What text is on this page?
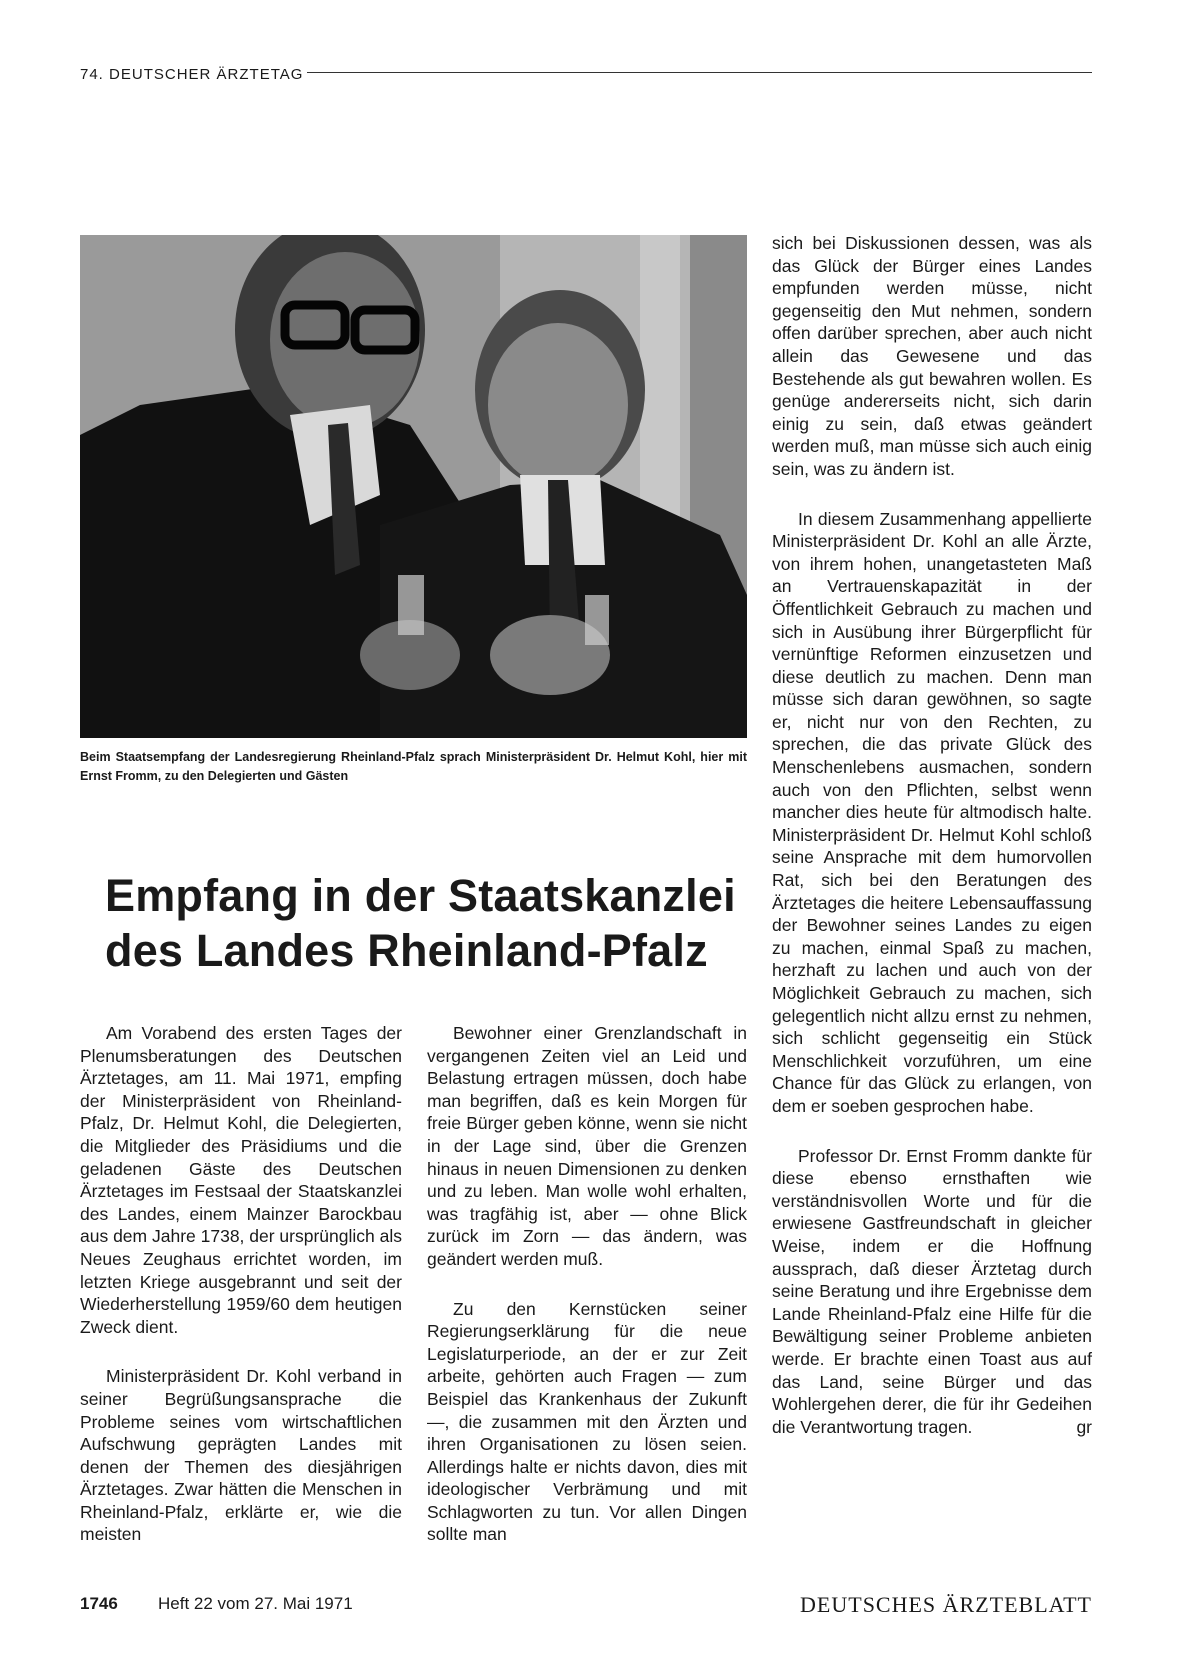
74. DEUTSCHER ÄRZTETAG
Beim Staatsempfang der Landesregierung Rheinland-Pfalz sprach Ministerpräsident Dr. Helmut Kohl, hier mit Ernst Fromm, zu den Delegierten und Gästen
Empfang in der Staatskanzlei
des Landes Rheinland-Pfalz

Am Vorabend des ersten Tages der Plenumsberatungen des Deutschen Ärztetages, am 11. Mai 1971, empfing der Ministerpräsident von Rheinland-Pfalz, Dr. Helmut Kohl, die Delegierten, die Mitglieder des Präsidiums und die geladenen Gäste des Deutschen Ärztetages im Festsaal der Staatskanzlei des Landes, einem Mainzer Barockbau aus dem Jahre 1738, der ursprünglich als Neues Zeughaus errichtet worden, im letzten Kriege ausgebrannt und seit der Wiederherstellung 1959/60 dem heutigen Zweck dient.

Ministerpräsident Dr. Kohl verband in seiner Begrüßungsansprache die Probleme seines vom wirtschaftlichen Aufschwung geprägten Landes mit denen der Themen des diesjährigen Ärztetages. Zwar hätten die Menschen in Rheinland-Pfalz, erklärte er, wie die meisten

Bewohner einer Grenzlandschaft in vergangenen Zeiten viel an Leid und Belastung ertragen müssen, doch habe man begriffen, daß es kein Morgen für freie Bürger geben könne, wenn sie nicht in der Lage sind, über die Grenzen hinaus in neuen Dimensionen zu denken und zu leben. Man wolle wohl erhalten, was tragfähig ist, aber — ohne Blick zurück im Zorn — das ändern, was geändert werden muß.

Zu den Kernstücken seiner Regierungserklärung für die neue Legislaturperiode, an der er zur Zeit arbeite, gehörten auch Fragen — zum Beispiel das Krankenhaus der Zukunft —, die zusammen mit den Ärzten und ihren Organisationen zu lösen seien. Allerdings halte er nichts davon, dies mit ideologischer Verbrämung und mit Schlagworten zu tun. Vor allen Dingen sollte man

sich bei Diskussionen dessen, was als das Glück der Bürger eines Landes empfunden werden müsse, nicht gegenseitig den Mut nehmen, sondern offen darüber sprechen, aber auch nicht allein das Gewesene und das Bestehende als gut bewahren wollen. Es genüge andererseits nicht, sich darin einig zu sein, daß etwas geändert werden muß, man müsse sich auch einig sein, was zu ändern ist.

In diesem Zusammenhang appellierte Ministerpräsident Dr. Kohl an alle Ärzte, von ihrem hohen, unangetasteten Maß an Vertrauenskapazität in der Öffentlichkeit Gebrauch zu machen und sich in Ausübung ihrer Bürgerpflicht für vernünftige Reformen einzusetzen und diese deutlich zu machen. Denn man müsse sich daran gewöhnen, so sagte er, nicht nur von den Rechten, zu sprechen, die das private Glück des Menschenlebens ausmachen, sondern auch von den Pflichten, selbst wenn mancher dies heute für altmodisch halte. Ministerpräsident Dr. Helmut Kohl schloß seine Ansprache mit dem humorvollen Rat, sich bei den Beratungen des Ärztetages die heitere Lebensauffassung der Bewohner seines Landes zu eigen zu machen, einmal Spaß zu machen, herzhaft zu lachen und auch von der Möglichkeit Gebrauch zu machen, sich gelegentlich nicht allzu ernst zu nehmen, sich schlicht gegenseitig ein Stück Menschlichkeit vorzuführen, um eine Chance für das Glück zu erlangen, von dem er soeben gesprochen habe.

Professor Dr. Ernst Fromm dankte für diese ebenso ernsthaften wie verständnisvollen Worte und für die erwiesene Gastfreundschaft in gleicher Weise, indem er die Hoffnung aussprach, daß dieser Ärztetag durch seine Beratung und ihre Ergebnisse dem Lande Rheinland-Pfalz eine Hilfe für die Bewältigung seiner Probleme anbieten werde. Er brachte einen Toast aus auf das Land, seine Bürger und das Wohlergehen derer, die für ihr Gedeihen die Verantwortung tragen.	gr

1746 Heft 22 vom 27. Mai 1971	DEUTSCHES ÄRZTEBLATT
